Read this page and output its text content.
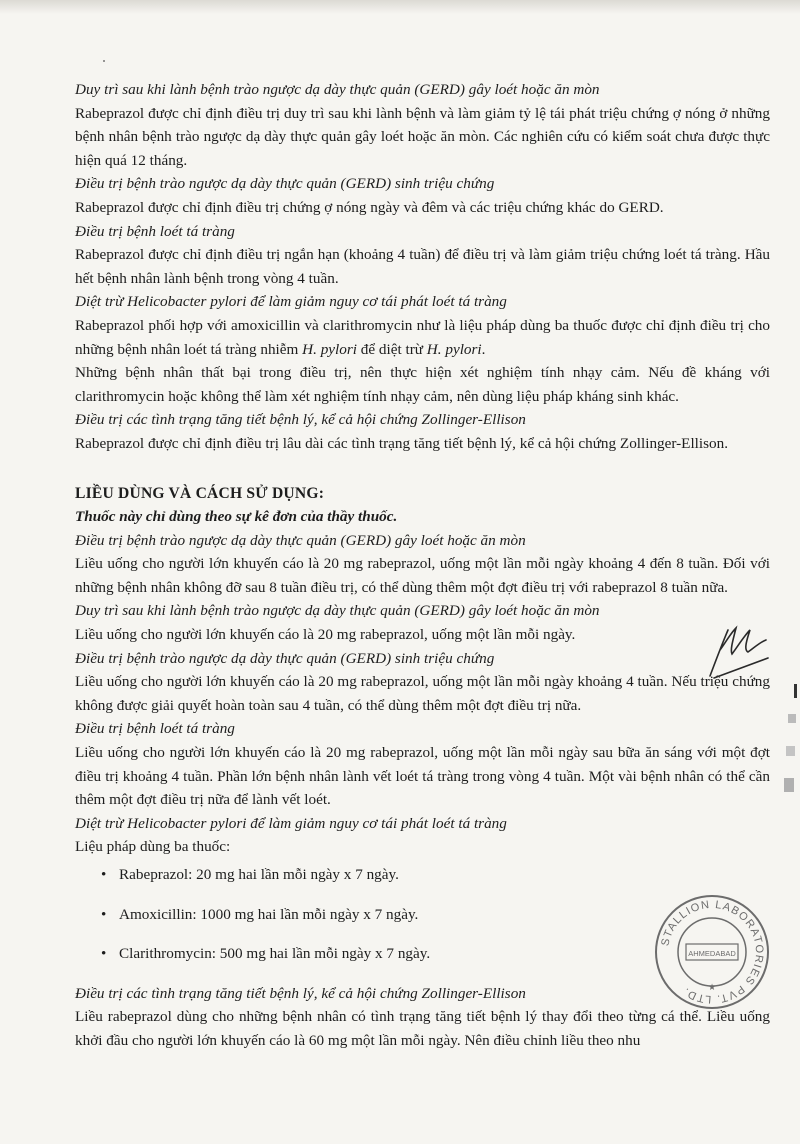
Duy trì sau khi lành bệnh trào ngược dạ dày thực quản (GERD) gây loét hoặc ăn mòn

Rabeprazol được chỉ định điều trị duy trì sau khi lành bệnh và làm giảm tỷ lệ tái phát triệu chứng ợ nóng ở những bệnh nhân bệnh trào ngược dạ dày thực quản gây loét hoặc ăn mòn. Các nghiên cứu có kiểm soát chưa được thực hiện quá 12 tháng.

Điều trị bệnh trào ngược dạ dày thực quản (GERD) sinh triệu chứng

Rabeprazol được chỉ định điều trị chứng ợ nóng ngày và đêm và các triệu chứng khác do GERD.

Điều trị bệnh loét tá tràng

Rabeprazol được chỉ định điều trị ngắn hạn (khoảng 4 tuần) để điều trị và làm giảm triệu chứng loét tá tràng. Hầu hết bệnh nhân lành bệnh trong vòng 4 tuần.

Diệt trừ Helicobacter pylori để làm giảm nguy cơ tái phát loét tá tràng

Rabeprazol phối hợp với amoxicillin và clarithromycin như là liệu pháp dùng ba thuốc được chỉ định điều trị cho những bệnh nhân loét tá tràng nhiễm H. pylori để diệt trừ H. pylori.

Những bệnh nhân thất bại trong điều trị, nên thực hiện xét nghiệm tính nhạy cảm. Nếu đề kháng với clarithromycin hoặc không thể làm xét nghiệm tính nhạy cảm, nên dùng liệu pháp kháng sinh khác.

Điều trị các tình trạng tăng tiết bệnh lý, kể cả hội chứng Zollinger-Ellison

Rabeprazol được chỉ định điều trị lâu dài các tình trạng tăng tiết bệnh lý, kể cả hội chứng Zollinger-Ellison.

LIỀU DÙNG VÀ CÁCH SỬ DỤNG:

Thuốc này chỉ dùng theo sự kê đơn của thầy thuốc.

Điều trị bệnh trào ngược dạ dày thực quản (GERD) gây loét hoặc ăn mòn

Liều uống cho người lớn khuyến cáo là 20 mg rabeprazol, uống một lần mỗi ngày khoảng 4 đến 8 tuần. Đối với những bệnh nhân không đỡ sau 8 tuần điều trị, có thể dùng thêm một đợt điều trị với rabeprazol 8 tuần nữa.

Duy trì sau khi lành bệnh trào ngược dạ dày thực quản (GERD) gây loét hoặc ăn mòn

Liều uống cho người lớn khuyến cáo là 20 mg rabeprazol, uống một lần mỗi ngày.

Điều trị bệnh trào ngược dạ dày thực quản (GERD) sinh triệu chứng

Liều uống cho người lớn khuyến cáo là 20 mg rabeprazol, uống một lần mỗi ngày khoảng 4 tuần. Nếu triệu chứng không được giải quyết hoàn toàn sau 4 tuần, có thể dùng thêm một đợt điều trị nữa.

Điều trị bệnh loét tá tràng

Liều uống cho người lớn khuyến cáo là 20 mg rabeprazol, uống một lần mỗi ngày sau bữa ăn sáng với một đợt điều trị khoảng 4 tuần. Phần lớn bệnh nhân lành vết loét tá tràng trong vòng 4 tuần. Một vài bệnh nhân có thể cần thêm một đợt điều trị nữa để lành vết loét.

Diệt trừ Helicobacter pylori để làm giảm nguy cơ tái phát loét tá tràng

Liệu pháp dùng ba thuốc:

• Rabeprazol: 20 mg hai lần mỗi ngày x 7 ngày.
• Amoxicillin: 1000 mg hai lần mỗi ngày x 7 ngày.
• Clarithromycin: 500 mg hai lần mỗi ngày x 7 ngày.

Điều trị các tình trạng tăng tiết bệnh lý, kể cả hội chứng Zollinger-Ellison

Liều rabeprazol dùng cho những bệnh nhân có tình trạng tăng tiết bệnh lý thay đổi theo từng cá thể. Liều uống khởi đầu cho người lớn khuyến cáo là 60 mg một lần mỗi ngày. Nên điều chỉnh liều theo nhu

STALLION LABORATORIES PVT. LTD.
AHMEDABAD
★
